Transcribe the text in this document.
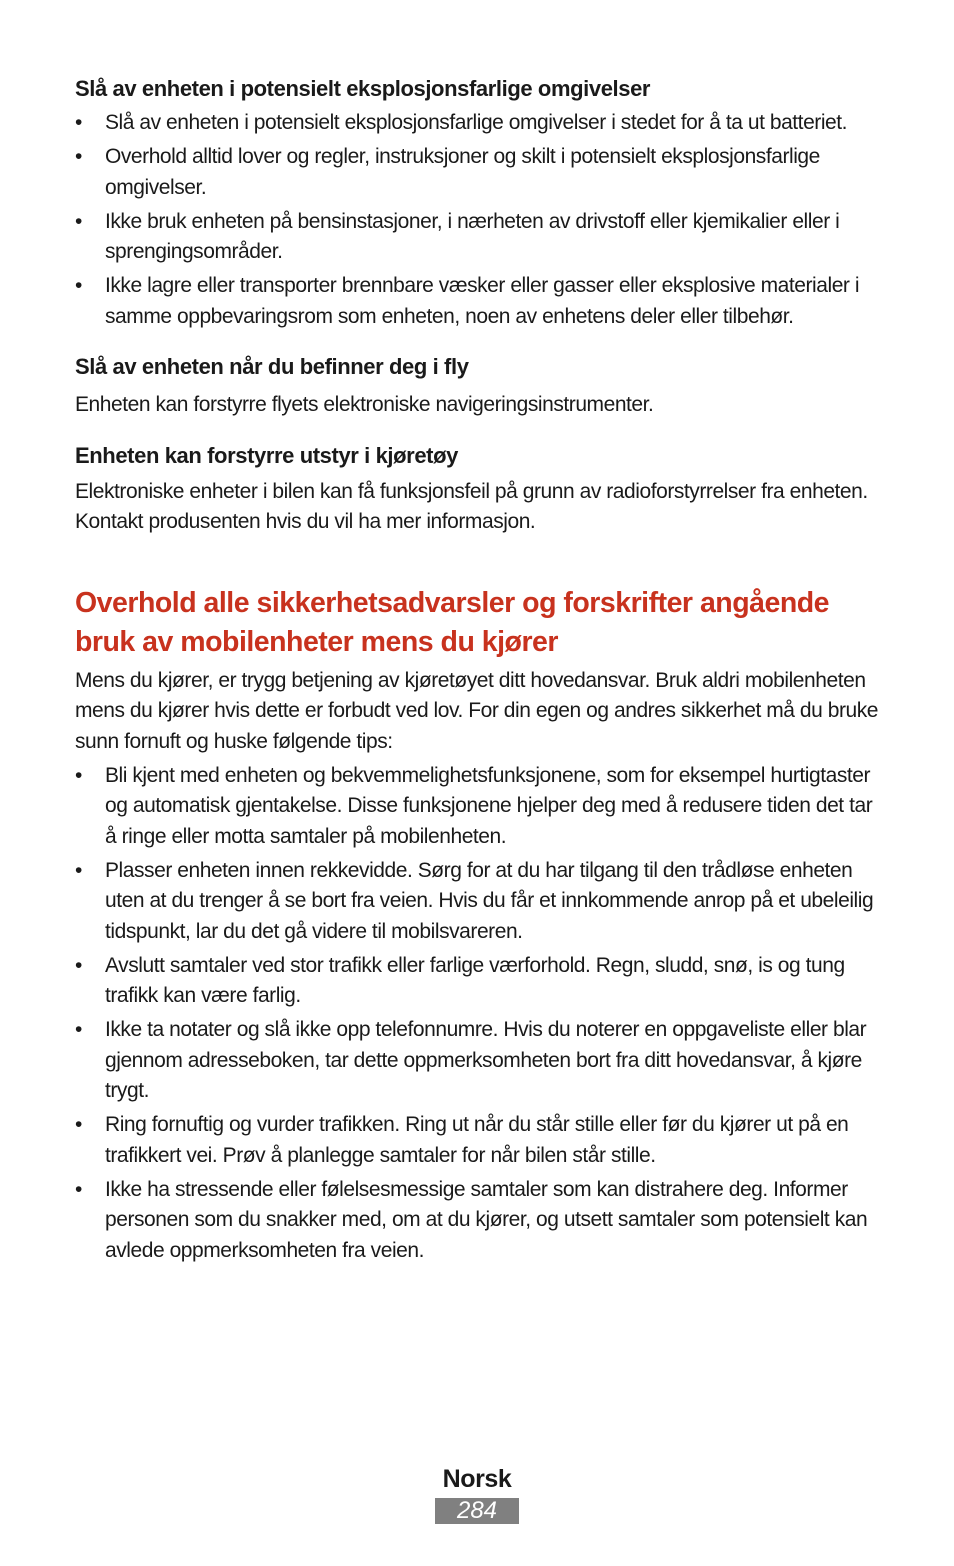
Slå av enheten i potensielt eksplosjonsfarlige omgivelser
• Slå av enheten i potensielt eksplosjonsfarlige omgivelser i stedet for å ta ut batteriet.
• Overhold alltid lover og regler, instruksjoner og skilt i potensielt eksplosjonsfarlige omgivelser.
• Ikke bruk enheten på bensinstasjoner, i nærheten av drivstoff eller kjemikalier eller i sprengingsområder.
• Ikke lagre eller transporter brennbare væsker eller gasser eller eksplosive materialer i samme oppbevaringsrom som enheten, noen av enhetens deler eller tilbehør.
Slå av enheten når du befinner deg i fly

Enheten kan forstyrre flyets elektroniske navigeringsinstrumenter.

Enheten kan forstyrre utstyr i kjøretøy

Elektroniske enheter i bilen kan få funksjonsfeil på grunn av radioforstyrrelser fra enheten. Kontakt produsenten hvis du vil ha mer informasjon.

Overhold alle sikkerhetsadvarsler og forskrifter angående bruk av mobilenheter mens du kjører

Mens du kjører, er trygg betjening av kjøretøyet ditt hovedansvar. Bruk aldri mobilenheten mens du kjører hvis dette er forbudt ved lov. For din egen og andres sikkerhet må du bruke sunn fornuft og huske følgende tips:

• Bli kjent med enheten og bekvemmelighetsfunksjonene, som for eksempel hurtigtaster og automatisk gjentakelse. Disse funksjonene hjelper deg med å redusere tiden det tar å ringe eller motta samtaler på mobilenheten.
• Plasser enheten innen rekkevidde. Sørg for at du har tilgang til den trådløse enheten uten at du trenger å se bort fra veien. Hvis du får et innkommende anrop på et ubeleilig tidspunkt, lar du det gå videre til mobilsvareren.
• Avslutt samtaler ved stor trafikk eller farlige værforhold. Regn, sludd, snø, is og tung trafikk kan være farlig.
• Ikke ta notater og slå ikke opp telefonnumre. Hvis du noterer en oppgaveliste eller blar gjennom adresseboken, tar dette oppmerksomheten bort fra ditt hovedansvar, å kjøre trygt.
• Ring fornuftig og vurder trafikken. Ring ut når du står stille eller før du kjører ut på en trafikkert vei. Prøv å planlegge samtaler for når bilen står stille.
• Ikke ha stressende eller følelsesmessige samtaler som kan distrahere deg. Informer personen som du snakker med, om at du kjører, og utsett samtaler som potensielt kan avlede oppmerksomheten fra veien.
Norsk
284
